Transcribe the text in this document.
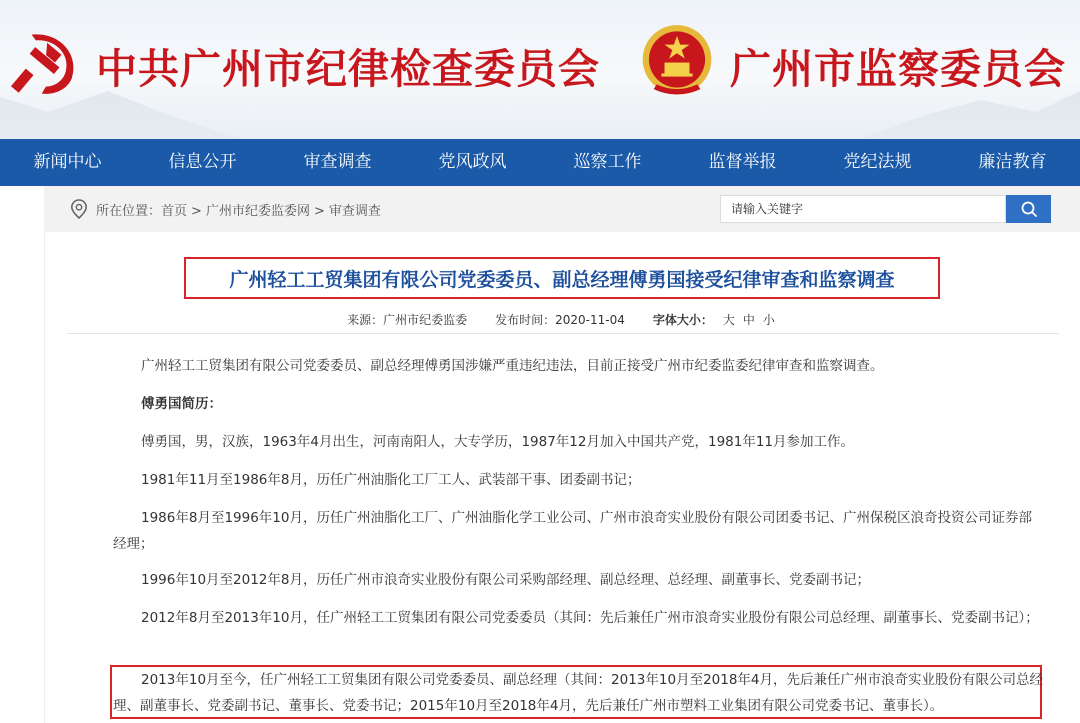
中共广州市纪律检查委员会	广州市监察委员会
新闻中心	信息公开	审查调查	党风政风	巡察工作	监督举报	党纪法规	廉洁教育
所在位置：首页 > 广州市纪委监委网 > 审查调查
请输入关键字
广州轻工工贸集团有限公司党委委员、副总经理傅勇国接受纪律审查和监察调查
来源：广州市纪委监委 发布时间：2020-11-04 字体大小： 大 中 小
广州轻工工贸集团有限公司党委委员、副总经理傅勇国涉嫌严重违纪违法，目前正接受广州市纪委监委纪律审查和监察调查。
傅勇国简历：
傅勇国，男，汉族，1963年4月出生，河南南阳人，大专学历，1987年12月加入中国共产党，1981年11月参加工作。
1981年11月至1986年8月，历任广州油脂化工厂工人、武装部干事、团委副书记；
1986年8月至1996年10月，历任广州油脂化工厂、广州油脂化学工业公司、广州市浪奇实业股份有限公司团委书记、广州保税区浪奇投资公司证券部经理；
1996年10月至2012年8月，历任广州市浪奇实业股份有限公司采购部经理、副总经理、总经理、副董事长、党委副书记；
2012年8月至2013年10月，任广州轻工工贸集团有限公司党委委员（其间：先后兼任广州市浪奇实业股份有限公司总经理、副董事长、党委副书记）；
2013年10月至今，任广州轻工工贸集团有限公司党委委员、副总经理（其间：2013年10月至2018年4月，先后兼任广州市浪奇实业股份有限公司总经理、副董事长、党委副书记、董事长、党委书记；2015年10月至2018年4月，先后兼任广州市塑料工业集团有限公司党委书记、董事长）。
